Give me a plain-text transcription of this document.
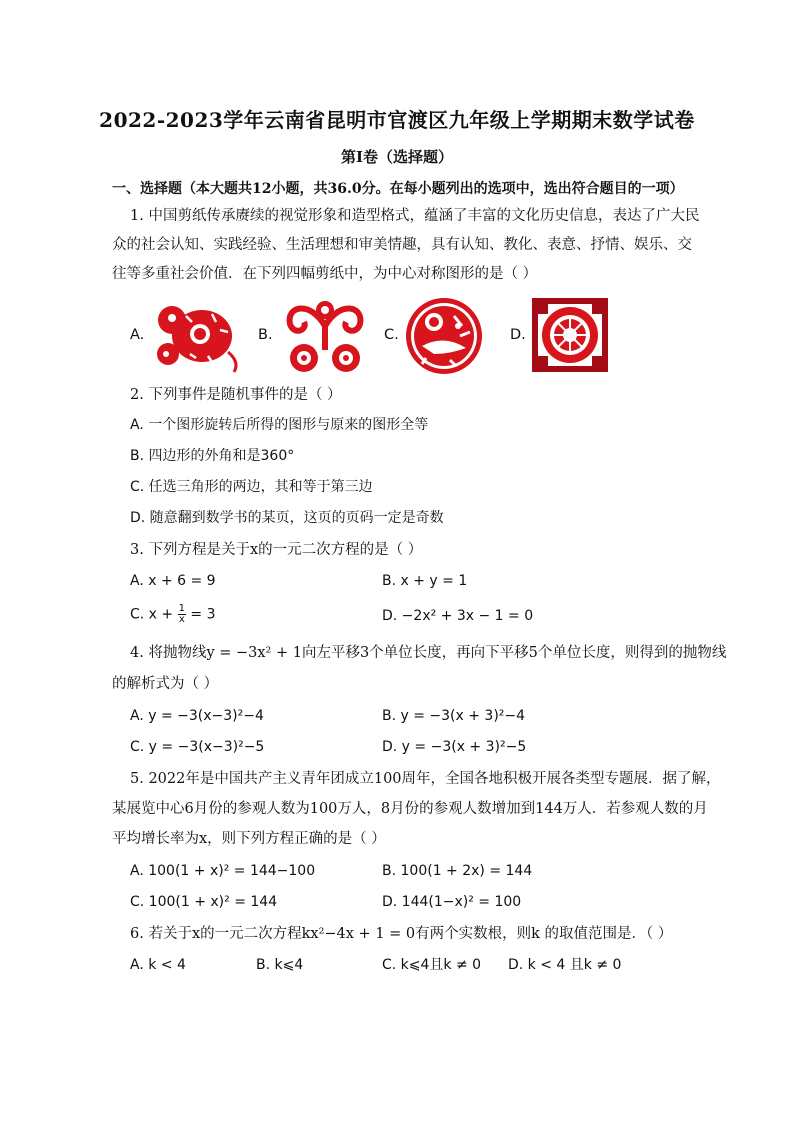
2022-2023学年云南省昆明市官渡区九年级上学期期末数学试卷
第I卷（选择题）
一、选择题（本大题共12小题，共36.0分。在每小题列出的选项中，选出符合题目的一项）
1. 中国剪纸传承赓续的视觉形象和造型格式，蕴涵了丰富的文化历史信息，表达了广大民
众的社会认知、实践经验、生活理想和审美情趣，具有认知、教化、表意、抒情、娱乐、交
往等多重社会价值．在下列四幅剪纸中，为中心对称图形的是（ ）
A.	B.	C.	D.
2. 下列事件是随机事件的是（ ）
A. 一个图形旋转后所得的图形与原来的图形全等
B. 四边形的外角和是360°
C. 任选三角形的两边，其和等于第三边
D. 随意翻到数学书的某页，这页的页码一定是奇数
3. 下列方程是关于x的一元二次方程的是（ ）
A. x + 6 = 9	B. x + y = 1
C. $x + \frac{1}{x} = 3$	D. −2x² + 3x − 1 = 0
4. 将抛物线y = −3x² + 1向左平移3个单位长度，再向下平移5个单位长度，则得到的抛物线
的解析式为（ ）
A. y = −3(x−3)²−4	B. y = −3(x + 3)²−4
C. y = −3(x−3)²−5	D. y = −3(x + 3)²−5
5. 2022年是中国共产主义青年团成立100周年，全国各地积极开展各类型专题展．据了解，
某展览中心6月份的参观人数为100万人，8月份的参观人数增加到144万人．若参观人数的月
平均增长率为x，则下列方程正确的是（ ）
A. 100(1 + x)² = 144−100	B. 100(1 + 2x) = 144
C. 100(1 + x)² = 144	D. 144(1−x)² = 100
6. 若关于x的一元二次方程kx²−4x + 1 = 0有两个实数根，则k 的取值范围是．（ ）
A. k < 4	B. k⩽4	C. k⩽4且k ≠ 0 D. k < 4 且k ≠ 0
